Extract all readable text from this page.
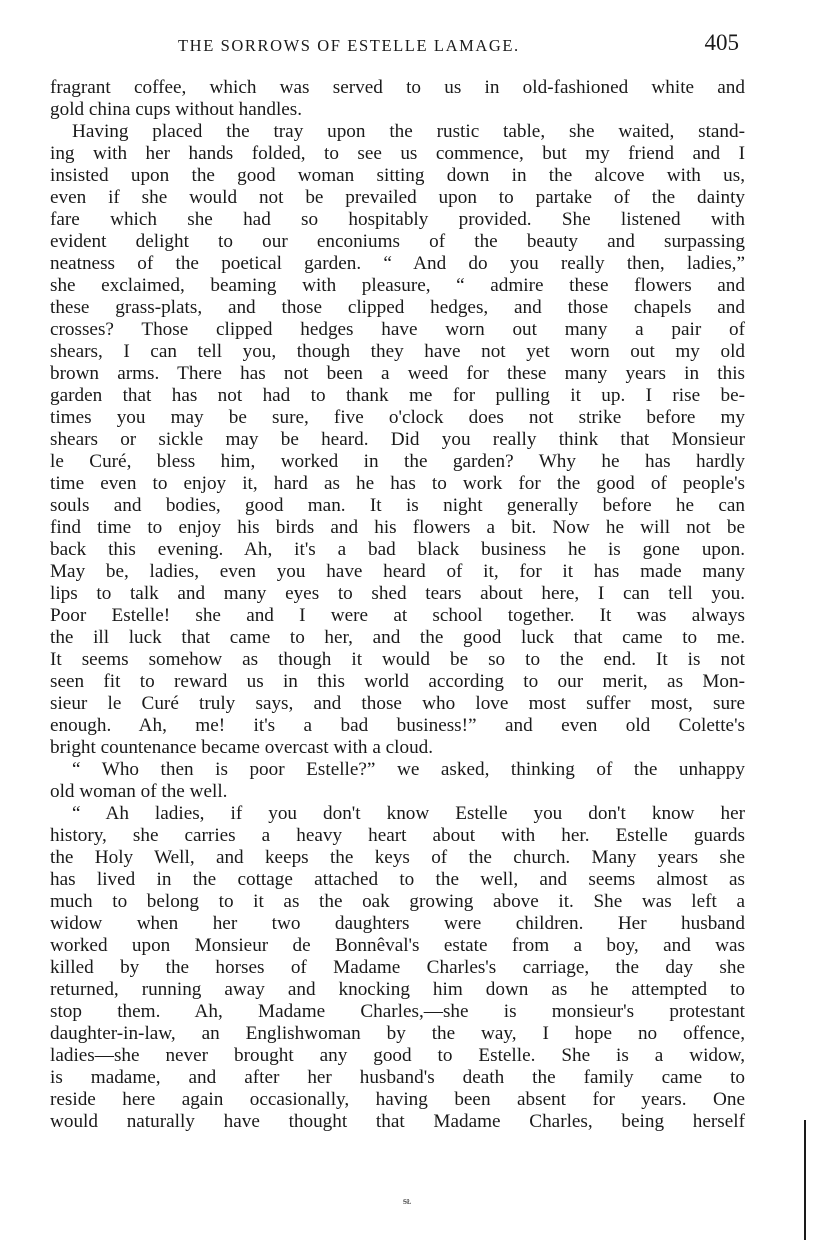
THE SORROWS OF ESTELLE LAMAGE.	405
fragrant coffee, which was served to us in old-fashioned white and
gold china cups without handles.
Having placed the tray upon the rustic table, she waited, stand-
ing with her hands folded, to see us commence, but my friend and I
insisted upon the good woman sitting down in the alcove with us,
even if she would not be prevailed upon to partake of the dainty
fare which she had so hospitably provided. She listened with
evident delight to our enconiums of the beauty and surpassing
neatness of the poetical garden. “ And do you really then, ladies,”
she exclaimed, beaming with pleasure, “ admire these flowers and
these grass-plats, and those clipped hedges, and those chapels and
crosses? Those clipped hedges have worn out many a pair of
shears, I can tell you, though they have not yet worn out my old
brown arms. There has not been a weed for these many years in this
garden that has not had to thank me for pulling it up. I rise be-
times you may be sure, five o'clock does not strike before my
shears or sickle may be heard. Did you really think that Monsieur
le Curé, bless him, worked in the garden? Why he has hardly
time even to enjoy it, hard as he has to work for the good of people's
souls and bodies, good man. It is night generally before he can
find time to enjoy his birds and his flowers a bit. Now he will not be
back this evening. Ah, it's a bad black business he is gone upon.
May be, ladies, even you have heard of it, for it has made many
lips to talk and many eyes to shed tears about here, I can tell you.
Poor Estelle! she and I were at school together. It was always
the ill luck that came to her, and the good luck that came to me.
It seems somehow as though it would be so to the end. It is not
seen fit to reward us in this world according to our merit, as Mon-
sieur le Curé truly says, and those who love most suffer most, sure
enough. Ah, me! it's a bad business!” and even old Colette's
bright countenance became overcast with a cloud.
“ Who then is poor Estelle?” we asked, thinking of the unhappy
old woman of the well.
“ Ah ladies, if you don't know Estelle you don't know her
history, she carries a heavy heart about with her. Estelle guards
the Holy Well, and keeps the keys of the church. Many years she
has lived in the cottage attached to the well, and seems almost as
much to belong to it as the oak growing above it. She was left a
widow when her two daughters were children. Her husband
worked upon Monsieur de Bonnêval's estate from a boy, and was
killed by the horses of Madame Charles's carriage, the day she
returned, running away and knocking him down as he attempted to
stop them. Ah, Madame Charles,—she is monsieur's protestant
daughter-in-law, an Englishwoman by the way, I hope no offence,
ladies—she never brought any good to Estelle. She is a widow,
is madame, and after her husband's death the family came to
reside here again occasionally, having been absent for years. One
would naturally have thought that Madame Charles, being herself
ᵴᴌ
